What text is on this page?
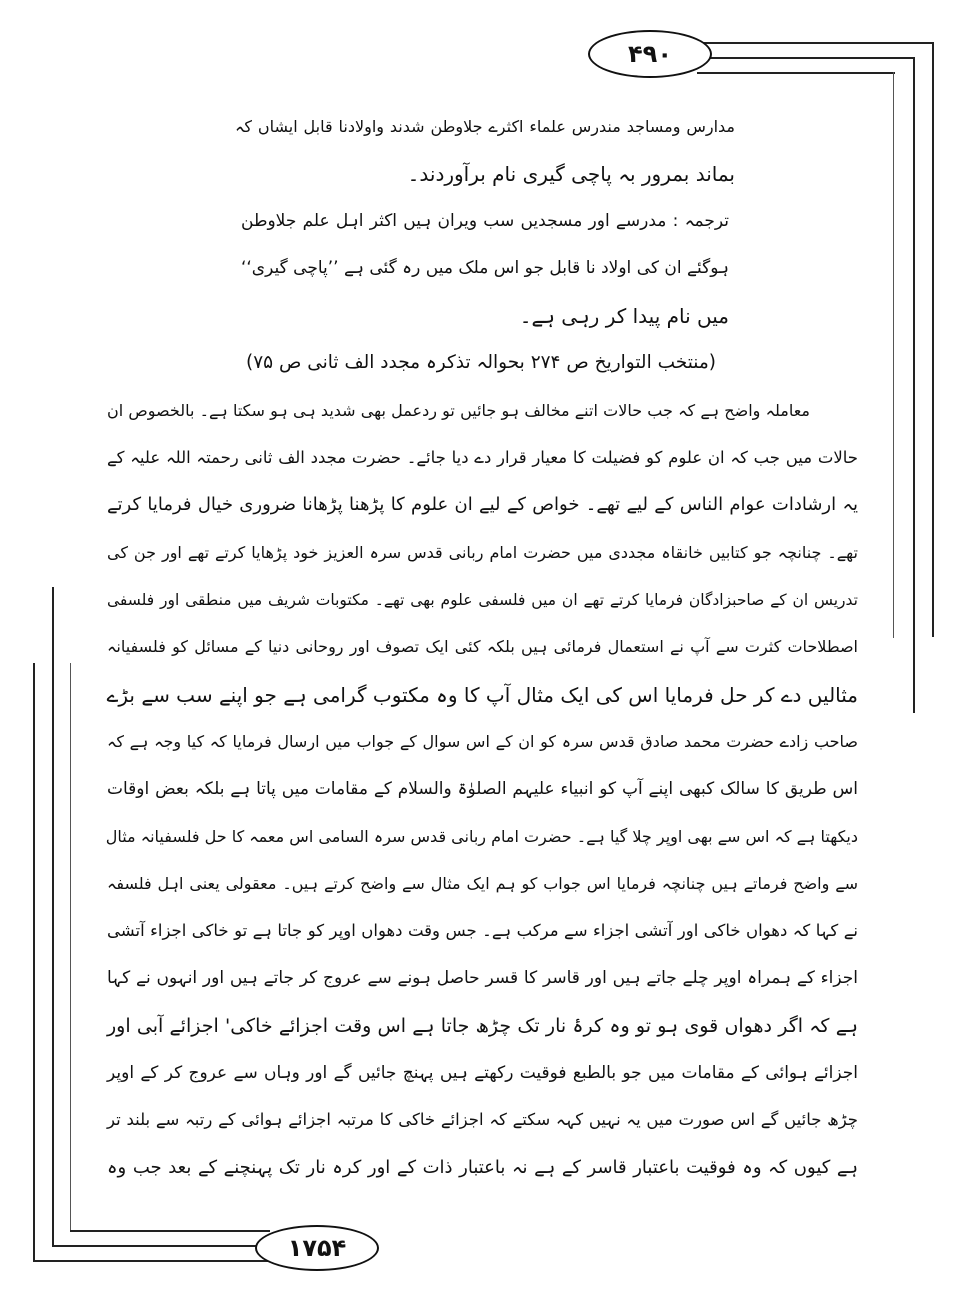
۴۹۰
۱۷۵۴
مدارس ومساجد مندرس علماء اکثرے جلاوطن شدند واولادنا قابل ایشاں کہ
بماند بمرور بہ پاچی گیری نام برآوردند۔
ترجمہ : مدرسے اور مسجدیں سب ویران ہیں اکثر اہل علم جلاوطن
ہوگئے ان کی اولاد نا قابل جو اس ملک میں رہ گئی ہے ’’پاچی گیری‘‘
میں نام پیدا کر رہی ہے۔
(منتخب التواریخ ص ۲۷۴ بحوالہ تذکرہ مجدد الف ثانی ص ۷۵)
معاملہ واضح ہے کہ جب حالات اتنے مخالف ہو جائیں تو ردعمل بھی شدید ہی ہو سکتا ہے۔ بالخصوص ان
حالات میں جب کہ ان علوم کو فضیلت کا معیار قرار دے دیا جائے۔ حضرت مجدد الف ثانی رحمتہ اللہ علیہ کے
یہ ارشادات عوام الناس کے لیے تھے۔ خواص کے لیے ان علوم کا پڑھنا پڑھانا ضروری خیال فرمایا کرتے
تھے۔ چنانچہ جو کتابیں خانقاہ مجددی میں حضرت امام ربانی قدس سرہ العزیز خود پڑھایا کرتے تھے اور جن کی
تدریس ان کے صاحبزادگان فرمایا کرتے تھے ان میں فلسفی علوم بھی تھے۔ مکتوبات شریف میں منطقی اور فلسفی
اصطلاحات کثرت سے آپ نے استعمال فرمائی ہیں بلکہ کئی ایک تصوف اور روحانی دنیا کے مسائل کو فلسفیانہ
مثالیں دے کر حل فرمایا اس کی ایک مثال آپ کا وہ مکتوب گرامی ہے جو اپنے سب سے بڑے
صاحب زادے حضرت محمد صادق قدس سرہ کو ان کے اس سوال کے جواب میں ارسال فرمایا کہ کیا وجہ ہے کہ
اس طریق کا سالک کبھی اپنے آپ کو انبیاء علیہم الصلوٰۃ والسلام کے مقامات میں پاتا ہے بلکہ بعض اوقات
دیکھتا ہے کہ اس سے بھی اوپر چلا گیا ہے۔ حضرت امام ربانی قدس سرہ السامی اس معمہ کا حل فلسفیانہ مثال
سے واضح فرماتے ہیں چنانچہ فرمایا اس جواب کو ہم ایک مثال سے واضح کرتے ہیں۔ معقولی یعنی اہل فلسفہ
نے کہا کہ دھواں خاکی اور آتشی اجزاء سے مرکب ہے۔ جس وقت دھواں اوپر کو جاتا ہے تو خاکی اجزاء آتشی
اجزاء کے ہمراہ اوپر چلے جاتے ہیں اور قاسر کا قسر حاصل ہونے سے عروج کر جاتے ہیں اور انہوں نے کہا
ہے کہ اگر دھواں قوی ہو تو وہ کرۂ نار تک چڑھ جاتا ہے اس وقت اجزائے خاکی' اجزائے آبی اور
اجزائے ہوائی کے مقامات میں جو بالطبع فوقیت رکھتے ہیں پہنچ جائیں گے اور وہاں سے عروج کر کے اوپر
چڑھ جائیں گے اس صورت میں یہ نہیں کہہ سکتے کہ اجزائے خاکی کا مرتبہ اجزائے ہوائی کے رتبہ سے بلند تر
ہے کیوں کہ وہ فوقیت باعتبار قاسر کے ہے نہ باعتبار ذات کے اور کرہ نار تک پہنچنے کے بعد جب وہ
